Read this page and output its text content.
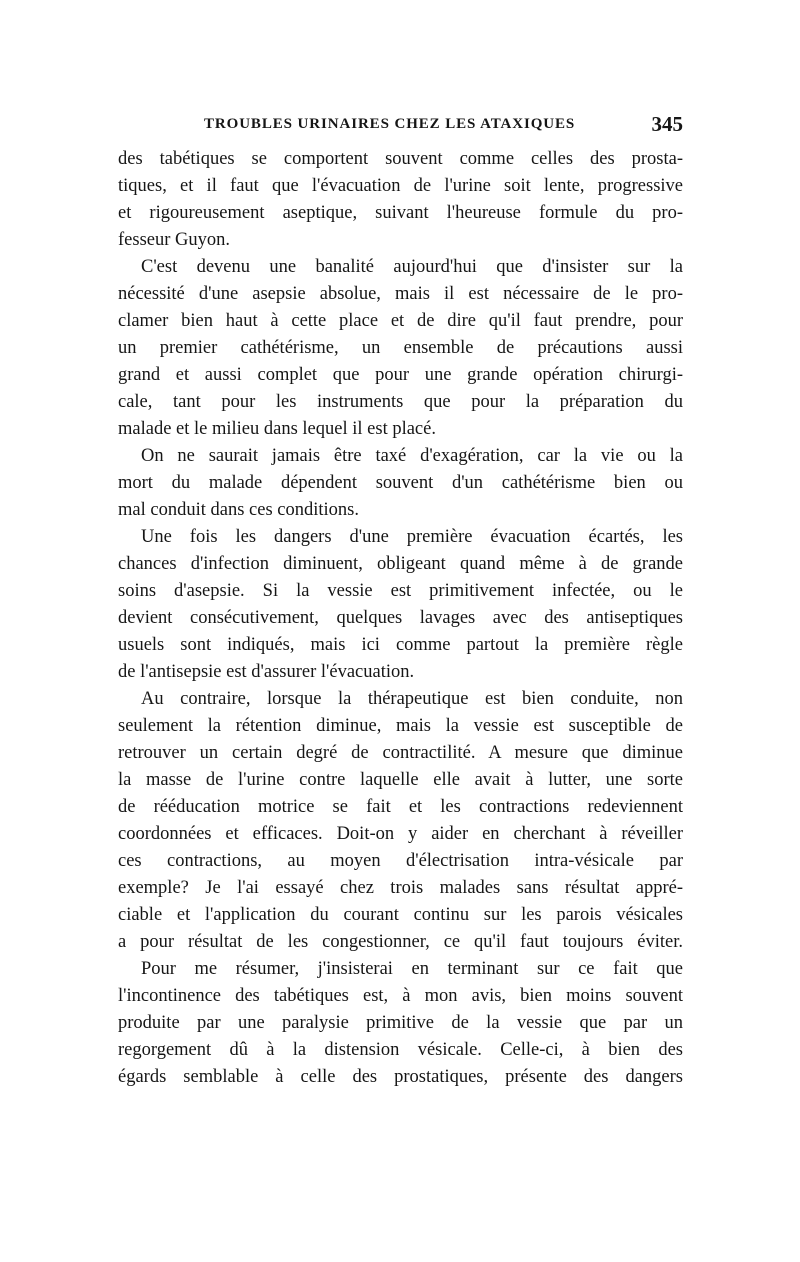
TROUBLES URINAIRES CHEZ LES ATAXIQUES	345
des tabétiques se comportent souvent comme celles des prosta-
tiques, et il faut que l'évacuation de l'urine soit lente, progressive
et rigoureusement aseptique, suivant l'heureuse formule du pro-
fesseur Guyon.
C'est devenu une banalité aujourd'hui que d'insister sur la
nécessité d'une asepsie absolue, mais il est nécessaire de le pro-
clamer bien haut à cette place et de dire qu'il faut prendre, pour
un premier cathétérisme, un ensemble de précautions aussi
grand et aussi complet que pour une grande opération chirurgi-
cale, tant pour les instruments que pour la préparation du
malade et le milieu dans lequel il est placé.
On ne saurait jamais être taxé d'exagération, car la vie ou la
mort du malade dépendent souvent d'un cathétérisme bien ou
mal conduit dans ces conditions.
Une fois les dangers d'une première évacuation écartés, les
chances d'infection diminuent, obligeant quand même à de grande
soins d'asepsie. Si la vessie est primitivement infectée, ou le
devient consécutivement, quelques lavages avec des antiseptiques
usuels sont indiqués, mais ici comme partout la première règle
de l'antisepsie est d'assurer l'évacuation.
Au contraire, lorsque la thérapeutique est bien conduite, non
seulement la rétention diminue, mais la vessie est susceptible de
retrouver un certain degré de contractilité. A mesure que diminue
la masse de l'urine contre laquelle elle avait à lutter, une sorte
de rééducation motrice se fait et les contractions redeviennent
coordonnées et efficaces. Doit-on y aider en cherchant à réveiller
ces contractions, au moyen d'électrisation intra-vésicale par
exemple? Je l'ai essayé chez trois malades sans résultat appré-
ciable et l'application du courant continu sur les parois vésicales
a pour résultat de les congestionner, ce qu'il faut toujours éviter.
Pour me résumer, j'insisterai en terminant sur ce fait que
l'incontinence des tabétiques est, à mon avis, bien moins souvent
produite par une paralysie primitive de la vessie que par un
regorgement dû à la distension vésicale. Celle-ci, à bien des
égards semblable à celle des prostatiques, présente des dangers
